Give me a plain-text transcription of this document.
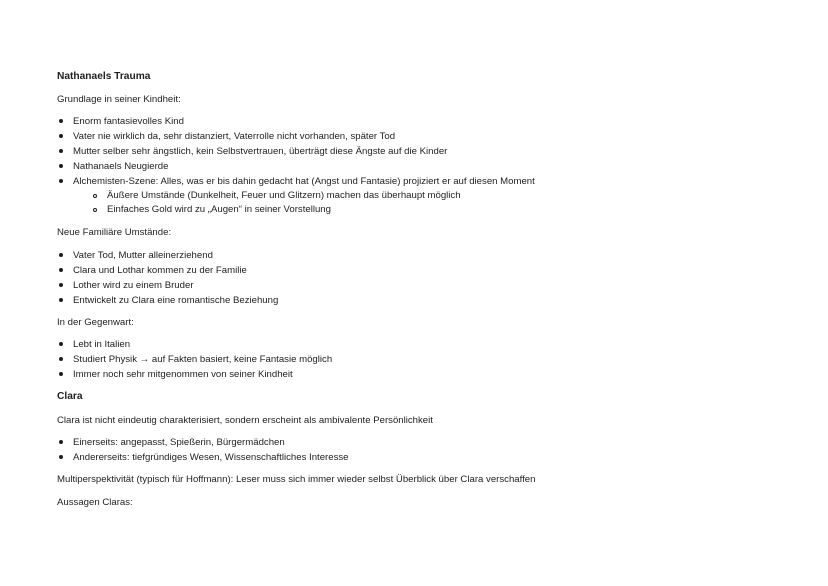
Nathanaels Trauma
Grundlage in seiner Kindheit:
Enorm fantasievolles Kind
Vater nie wirklich da, sehr distanziert, Vaterrolle nicht vorhanden, später Tod
Mutter selber sehr ängstlich, kein Selbstvertrauen, überträgt diese Ängste auf die Kinder
Nathanaels Neugierde
Alchemisten-Szene: Alles, was er bis dahin gedacht hat (Angst und Fantasie) projiziert er auf diesen Moment
Äußere Umstände (Dunkelheit, Feuer und Glitzern) machen das überhaupt möglich
Einfaches Gold wird zu „Augen“ in seiner Vorstellung
Neue Familiäre Umstände:
Vater Tod, Mutter alleinerziehend
Clara und Lothar kommen zu der Familie
Lother wird zu einem Bruder
Entwickelt zu Clara eine romantische Beziehung
In der Gegenwart:
Lebt in Italien
Studiert Physik → auf Fakten basiert, keine Fantasie möglich
Immer noch sehr mitgenommen von seiner Kindheit
Clara
Clara ist nicht eindeutig charakterisiert, sondern erscheint als ambivalente Persönlichkeit
Einerseits: angepasst, Spießerin, Bürgermädchen
Andererseits: tiefgründiges Wesen, Wissenschaftliches Interesse
Multiperspektivität (typisch für Hoffmann): Leser muss sich immer wieder selbst Überblick über Clara verschaffen
Aussagen Claras:
